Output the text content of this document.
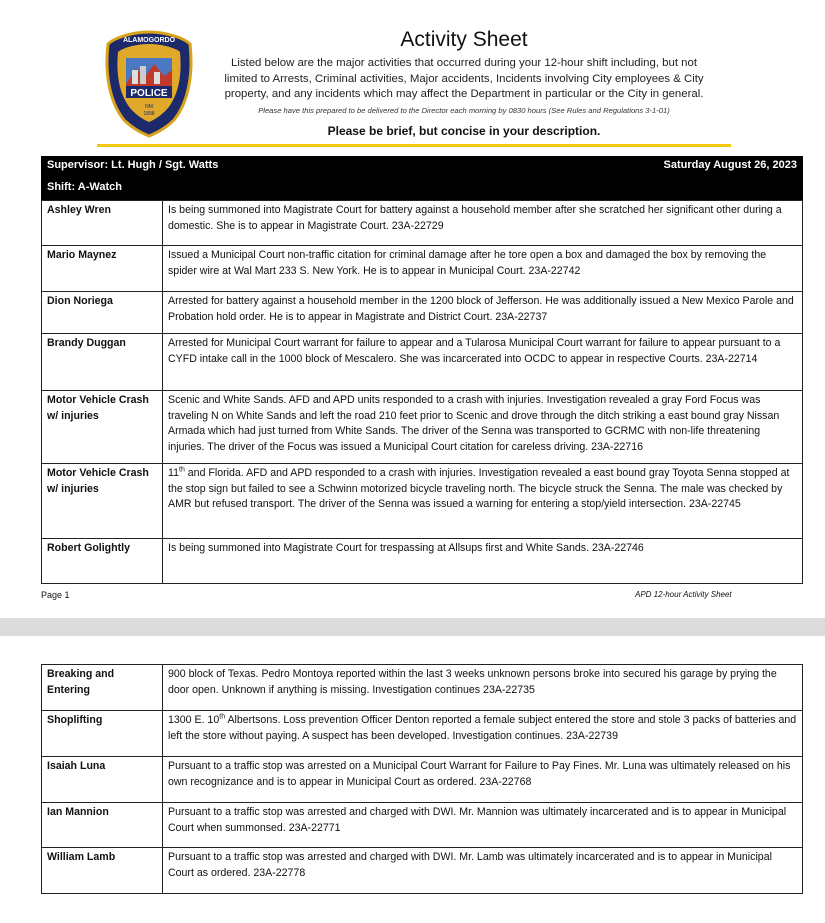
POLICE
ALAMOGORDO
NM
1898
Activity Sheet
Listed below are the major activities that occurred during your 12-hour shift including, but not limited to Arrests, Criminal activities, Major accidents, Incidents involving City employees & City property, and any incidents which may affect the Department in particular or the City in general.
Please have this prepared to be delivered to the Director each morning by 0830 hours (See Rules and Regulations 3-1-01)
Please be brief, but concise in your description.
Supervisor: Lt. Hugh / Sgt. Watts	Saturday August 26, 2023
Shift: A-Watch
Ashley Wren	Is being summoned into Magistrate Court for battery against a household member after she scratched her significant other during a domestic. She is to appear in Magistrate Court. 23A-22729
Mario Maynez	Issued a Municipal Court non-traffic citation for criminal damage after he tore open a box and damaged the box by removing the spider wire at Wal Mart 233 S. New York. He is to appear in Municipal Court. 23A-22742
Dion Noriega	Arrested for battery against a household member in the 1200 block of Jefferson. He was additionally issued a New Mexico Parole and Probation hold order. He is to appear in Magistrate and District Court. 23A-22737
Brandy Duggan	Arrested for Municipal Court warrant for failure to appear and a Tularosa Municipal Court warrant for failure to appear pursuant to a CYFD intake call in the 1000 block of Mescalero. She was incarcerated into OCDC to appear in respective Courts. 23A-22714
Motor Vehicle Crash w/ injuries	Scenic and White Sands. AFD and APD units responded to a crash with injuries. Investigation revealed a gray Ford Focus was traveling N on White Sands and left the road 210 feet prior to Scenic and drove through the ditch striking a east bound gray Nissan Armada which had just turned from White Sands. The driver of the Senna was transported to GCRMC with non-life threatening injuries. The driver of the Focus was issued a Municipal Court citation for careless driving. 23A-22716
Motor Vehicle Crash w/ injuries	11th and Florida. AFD and APD responded to a crash with injuries. Investigation revealed a east bound gray Toyota Senna stopped at the stop sign but failed to see a Schwinn motorized bicycle traveling north. The bicycle struck the Senna. The male was checked by AMR but refused transport. The driver of the Senna was issued a warning for entering a stop/yield intersection. 23A-22745
Robert Golightly	Is being summoned into Magistrate Court for trespassing at Allsups first and White Sands. 23A-22746
Page 1	APD 12-hour Activity Sheet
Breaking and Entering	900 block of Texas. Pedro Montoya reported within the last 3 weeks unknown persons broke into secured his garage by prying the door open. Unknown if anything is missing. Investigation continues 23A-22735
Shoplifting	1300 E. 10th Albertsons. Loss prevention Officer Denton reported a female subject entered the store and stole 3 packs of batteries and left the store without paying. A suspect has been developed. Investigation continues. 23A-22739
Isaiah Luna	Pursuant to a traffic stop was arrested on a Municipal Court Warrant for Failure to Pay Fines. Mr. Luna was ultimately released on his own recognizance and is to appear in Municipal Court as ordered. 23A-22768
Ian Mannion	Pursuant to a traffic stop was arrested and charged with DWI. Mr. Mannion was ultimately incarcerated and is to appear in Municipal Court when summonsed. 23A-22771
William Lamb	Pursuant to a traffic stop was arrested and charged with DWI. Mr. Lamb was ultimately incarcerated and is to appear in Municipal Court as ordered. 23A-22778
